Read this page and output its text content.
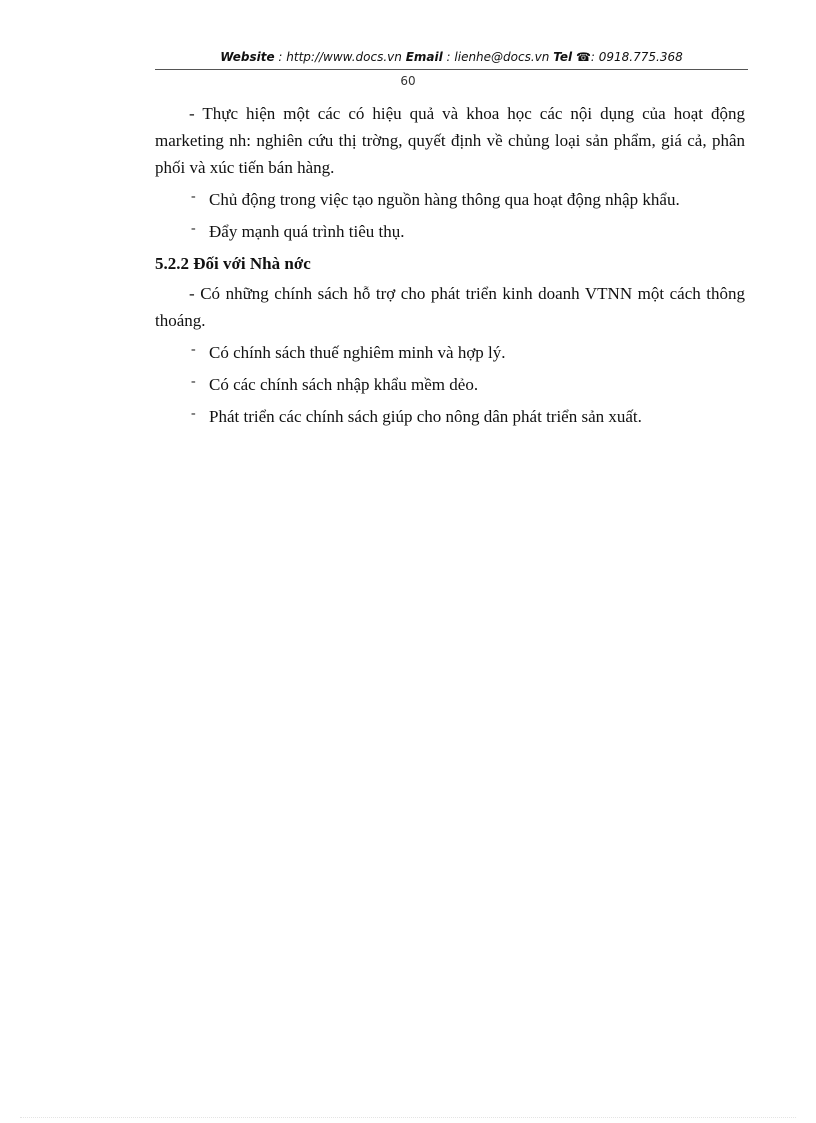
Website : http://www.docs.vn Email : lienhe@docs.vn Tel ☎: 0918.775.368
60

- Thực hiện một các có hiệu quả và khoa học các nội dụng của hoạt động marketing nh: nghiên cứu thị trờng, quyết định về chủng loại sản phẩm, giá cả, phân phối và xúc tiến bán hàng.

- Chủ động trong việc tạo nguồn hàng thông qua hoạt động nhập khẩu.
- Đẩy mạnh quá trình tiêu thụ.
5.2.2 Đối với Nhà nớc

- Có những chính sách hỗ trợ cho phát triển kinh doanh VTNN một cách thông thoáng.

- Có chính sách thuế nghiêm minh và hợp lý.
- Có các chính sách nhập khẩu mềm dẻo.
- Phát triển các chính sách giúp cho nông dân phát triển sản xuất.
